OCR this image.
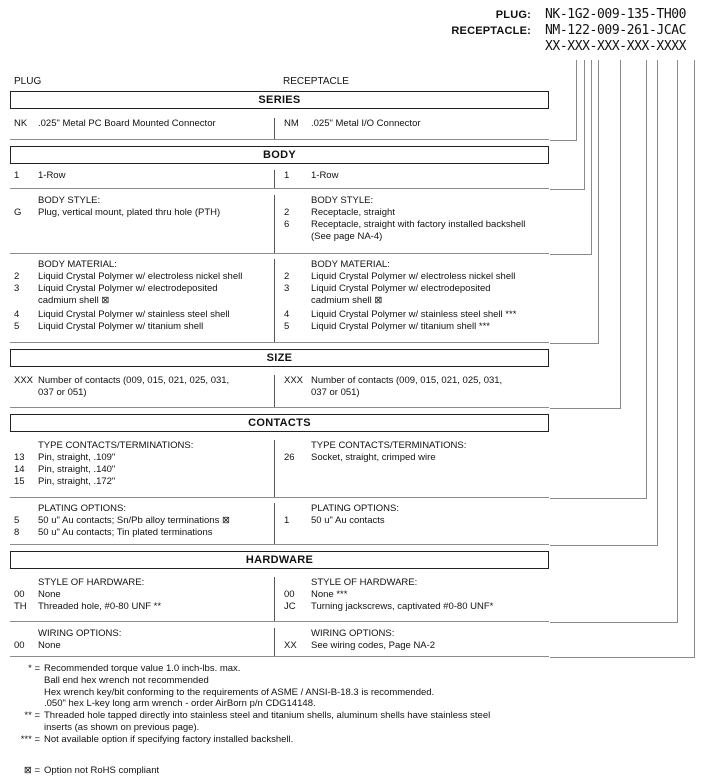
PLUG: NK-1G2-009-135-TH00
RECEPTACLE: NM-122-009-261-JCAC
XX-XXX-XXX-XXX-XXXX
PLUG	RECEPTACLE
SERIES
NK	.025" Metal PC Board Mounted Connector	NM	.025" Metal I/O Connector
BODY
1	1-Row	1	1-Row
BODY STYLE:
G	Plug, vertical mount, plated thru hole (PTH)
BODY STYLE:
2	Receptacle, straight
6	Receptacle, straight with factory installed backshell
(See page NA-4)
BODY MATERIAL:
2	Liquid Crystal Polymer w/ electroless nickel shell
3	Liquid Crystal Polymer w/ electrodeposited
cadmium shell ⊠
4	Liquid Crystal Polymer w/ stainless steel shell
5	Liquid Crystal Polymer w/ titanium shell
BODY MATERIAL:
2	Liquid Crystal Polymer w/ electroless nickel shell
3	Liquid Crystal Polymer w/ electrodeposited
cadmium shell ⊠
4	Liquid Crystal Polymer w/ stainless steel shell ***
5	Liquid Crystal Polymer w/ titanium shell ***
SIZE
XXX Number of contacts (009, 015, 021, 025, 031,
037 or 051)
XXX Number of contacts (009, 015, 021, 025, 031,
037 or 051)
CONTACTS
TYPE CONTACTS/TERMINATIONS:
13	Pin, straight, .109"
14	Pin, straight, .140"
15	Pin, straight, .172"
TYPE CONTACTS/TERMINATIONS:
26	Socket, straight, crimped wire
PLATING OPTIONS:
5	50 u" Au contacts; Sn/Pb alloy terminations ⊠
8	50 u" Au contacts; Tin plated terminations
PLATING OPTIONS:
1	50 u" Au contacts
HARDWARE
STYLE OF HARDWARE:
00	None
TH	Threaded hole, #0-80 UNF **
STYLE OF HARDWARE:
00	None ***
JC	Turning jackscrews, captivated #0-80 UNF*
WIRING OPTIONS:
00	None
WIRING OPTIONS:
XX	See wiring codes, Page NA-2
* = Recommended torque value 1.0 inch-lbs. max.
Ball end hex wrench not recommended
Hex wrench key/bit conforming to the requirements of ASME / ANSI-B-18.3 is recommended.
.050" hex L-key long arm wrench - order AirBorn p/n CDG14148.
** = Threaded hole tapped directly into stainless steel and titanium shells, aluminum shells have stainless steel
inserts (as shown on previous page).
*** = Not available option if specifying factory installed backshell.
⊠ = Option not RoHS compliant
